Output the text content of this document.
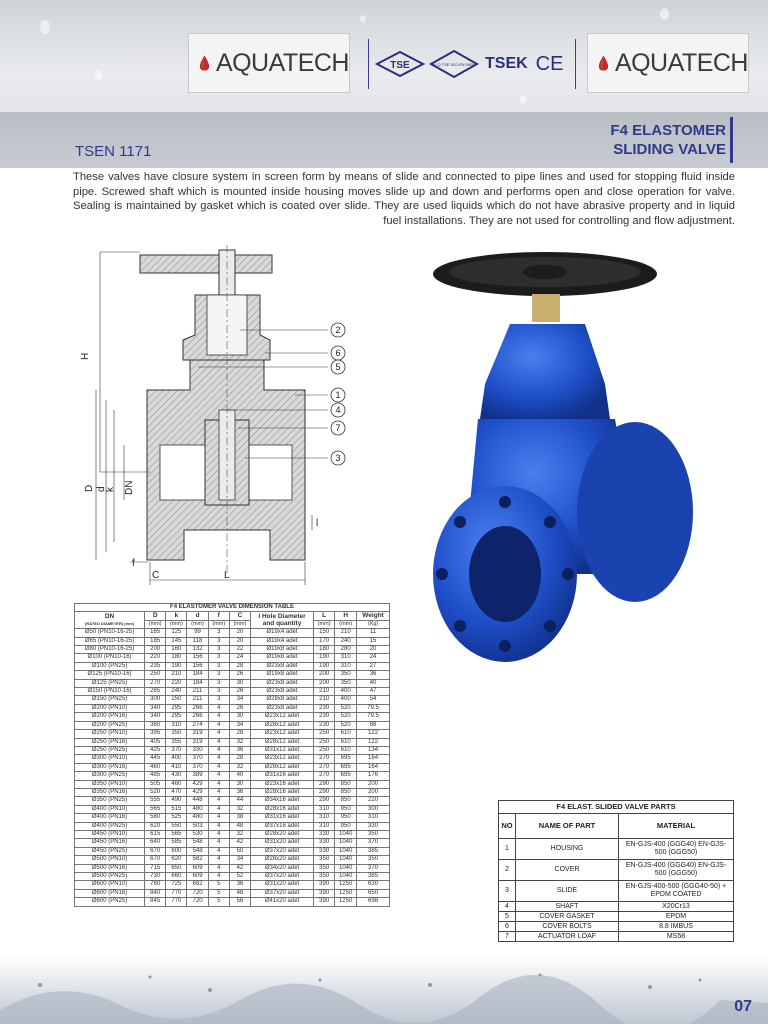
AQUATECH	TSE	K-Q TSE-ISO-EN 9000 TSEK CE AQUATECH
TSEN 1171
F4 ELASTOMER
SLIDING VALVE
These valves have closure system in screen form by means of slide and connected to pipe lines and used for stopping fluid inside pipe. Screwed shaft which is mounted inside housing moves slide up and down and performs open and close operation for valve. Sealing is maintained by gasket which is coated over slide. They are used liquids which do not have abrasive property and in liquid fuel installations. They are not used for controlling and flow adjustment.
2
6
5
1
4
7
3
H
D d
k DN
f
C	L
l
F4 ELASTOMER VALVE DIMENSION TABLE									
DN
(RATED DIAMETER) (mm)	D	k	d	f	C	I Hole Diameter and quantity	L	H	Weight
	(mm)	(mm)	(mm)	(mm)	(mm)		(mm)	(mm)	(Kg)
Ø50 (PN10-16-25)	165	125	99	3	20	Ø19x4 adet	150	210	11
Ø65 (PN10-16-25)	185	145	118	3	20	Ø19x4 adet	170	240	15
Ø80 (PN10-16-25)	200	160	132	3	22	Ø19x8 adet	180	280	20
Ø100 (PN10-16)	220	180	156	3	24	Ø19x8 adet	190	310	24
Ø100 (PN25)	235	190	156	3	28	Ø23x8 adet	190	310	27
Ø125 (PN10-16)	250	210	184	3	26	Ø19x8 adet	200	350	36
Ø125 (PN25)	270	220	184	3	30	Ø23x8 adet	200	350	40
Ø150 (PN10-16)	285	240	211	3	26	Ø23x8 adet	210	400	47
Ø150 (PN25)	300	250	211	3	34	Ø28x8 adet	210	400	54
Ø200 (PN10)	340	295	266	4	26	Ø23x8 adet	230	520	79.5
Ø200 (PN16)	340	295	266	4	30	Ø23x12 adet	230	520	79.5
Ø200 (PN25)	360	310	274	4	34	Ø28x12 adet	230	520	88
Ø250 (PN10)	395	350	319	4	28	Ø23x12 adet	250	610	122
Ø250 (PN16)	405	355	319	4	32	Ø28x12 adet	250	610	122
Ø250 (PN25)	425	370	330	4	36	Ø31x12 adet	250	610	134
Ø300 (PN10)	445	400	370	4	28	Ø23x12 adet	270	695	164
Ø300 (PN16)	460	410	370	4	32	Ø28x12 adet	270	695	164
Ø300 (PN25)	485	430	389	4	40	Ø31x16 adet	270	695	176
Ø350 (PN10)	505	460	429	4	30	Ø23x16 adet	290	850	200
Ø350 (PN16)	520	470	429	4	36	Ø28x16 adet	290	850	200
Ø350 (PN25)	555	490	448	4	44	Ø34x16 adet	290	850	220
Ø400 (PN10)	565	515	480	4	32	Ø28x16 adet	310	950	300
Ø400 (PN16)	580	525	480	4	38	Ø31x16 adet	310	950	310
Ø400 (PN25)	620	550	503	4	48	Ø37x16 adet	310	950	330
Ø450 (PN10)	615	565	530	4	32	Ø28x20 adet	330	1040	350
Ø450 (PN16)	640	585	548	4	42	Ø31x20 adet	330	1040	370
Ø450 (PN25)	670	600	548	4	50	Ø37x20 adet	330	1040	385
Ø500 (PN10)	670	620	582	4	34	Ø28x20 adet	350	1040	350
Ø500 (PN16)	715	650	609	4	42	Ø34x20 adet	350	1040	370
Ø500 (PN25)	730	660	609	4	52	Ø37x20 adet	350	1040	385
Ø600 (PN10)	780	725	682	5	36	Ø31x20 adet	390	1250	630
Ø600 (PN16)	840	770	720	5	48	Ø37x20 adet	390	1250	650
Ø600 (PN25)	845	770	720	5	56	Ø41x20 adet	390	1250	698
F4 ELAST. SLIDED VALVE PARTS		
NO	NAME OF PART	MATERIAL
1	HOUSING	EN-GJS-400 (GGG40) EN-GJS-500 (GGG50)
2	COVER	EN-GJS-400 (GGG40) EN-GJS-500 (GGG50)
3	SLIDE	EN-GJS-400-500 (GGG40-50) + EPDM COATED
4	SHAFT	X20Cr13
5	COVER GASKET	EPDM
6	COVER BOLTS	8.8 İMBUS
7	ACTUATOR LOAF	MS58
07
